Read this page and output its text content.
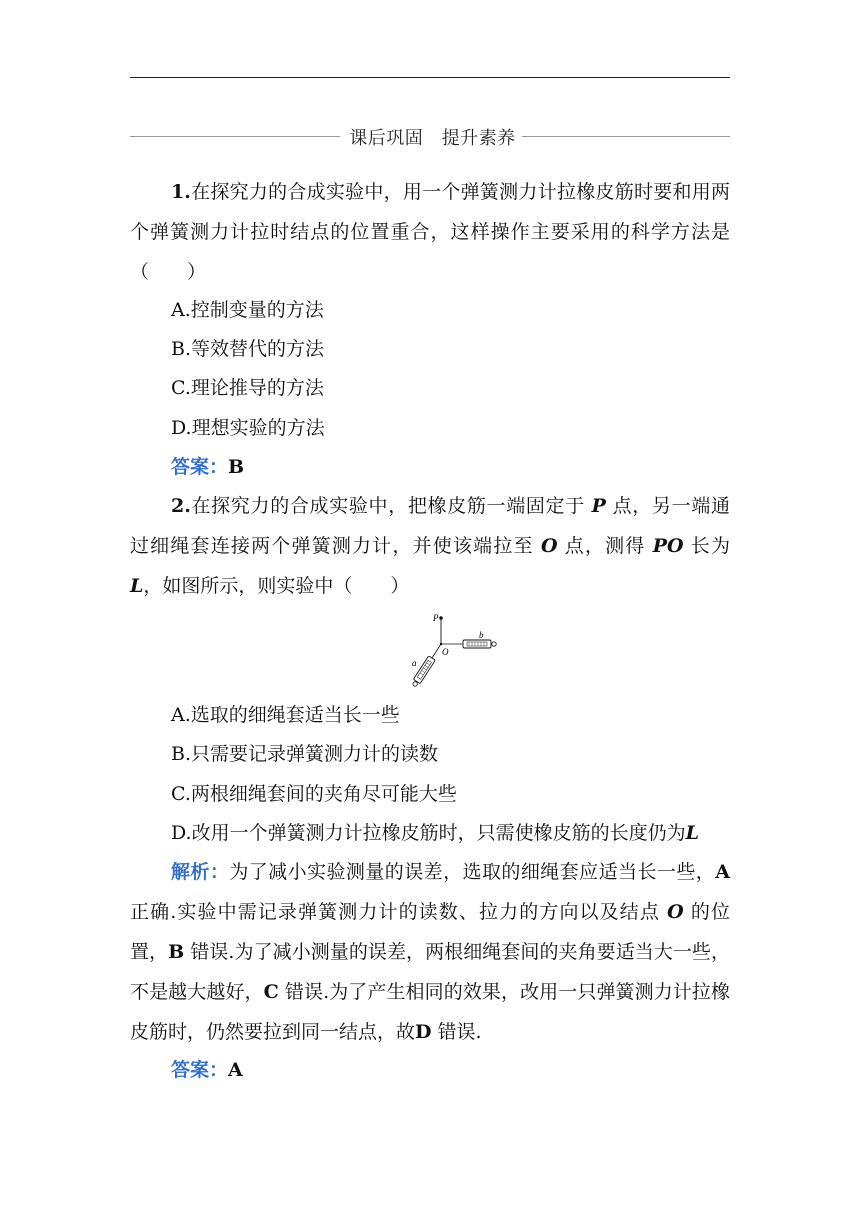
课后巩固　提升素养

1.在探究力的合成实验中，用一个弹簧测力计拉橡皮筋时要和用两个弹簧测力计拉时结点的位置重合，这样操作主要采用的科学方法是（　　）

A.控制变量的方法
B.等效替代的方法
C.理论推导的方法
D.理想实验的方法
答案：B

2.在探究力的合成实验中，把橡皮筋一端固定于 P 点，另一端通过细绳套连接两个弹簧测力计，并使该端拉至 O 点，测得 PO 长为 L，如图所示，则实验中（　　）

P
O
b
a
A.选取的细绳套适当长一些
B.只需要记录弹簧测力计的读数
C.两根细绳套间的夹角尽可能大些
D.改用一个弹簧测力计拉橡皮筋时，只需使橡皮筋的长度仍为L

解析：为了减小实验测量的误差，选取的细绳套应适当长一些，A 正确.实验中需记录弹簧测力计的读数、拉力的方向以及结点 O 的位置，B 错误.为了减小测量的误差，两根细绳套间的夹角要适当大一些，不是越大越好，C 错误.为了产生相同的效果，改用一只弹簧测力计拉橡皮筋时，仍然要拉到同一结点，故D 错误.

答案：A
